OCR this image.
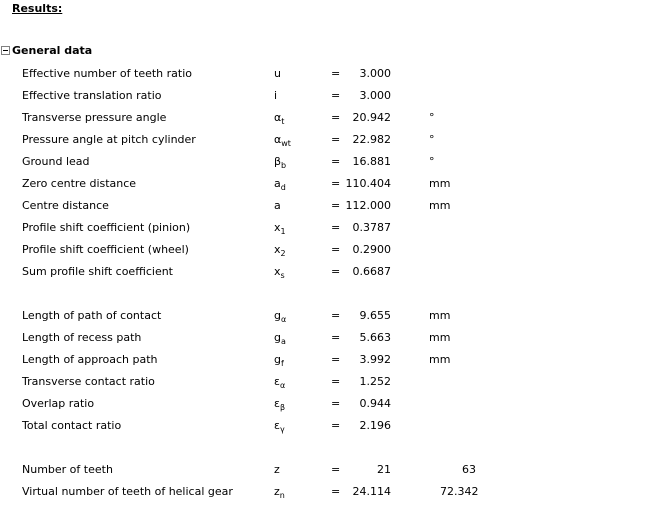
Results:
General data
Effective number of teeth ratio	u	=	3.000
Effective translation ratio	i	=	3.000
Transverse pressure angle	$\alpha_t$	=	20.942	°
Pressure angle at pitch cylinder	$\alpha_{wt}$	=	22.982	°
Ground lead	$\beta_b$	=	16.881	°
Zero centre distance	$a_d$	= 110.404	mm
Centre distance	a	= 112.000	mm
Profile shift coefficient (pinion)	$x_1$	=	0.3787
Profile shift coefficient (wheel)	$x_2$	=	0.2900
Sum profile shift coefficient	$x_s$	=	0.6687
Length of path of contact	$g_\alpha$	=	9.655	mm
Length of recess path	$g_a$	=	5.663	mm
Length of approach path	$g_f$	=	3.992	mm
Transverse contact ratio	$\varepsilon_\alpha$	=	1.252
Overlap ratio	$\varepsilon_\beta$	=	0.944
Total contact ratio	$\varepsilon_\gamma$	=	2.196
Number of teeth	z	=	21	63
Virtual number of teeth of helical gear	$z_n$	=	24.114	72.342
